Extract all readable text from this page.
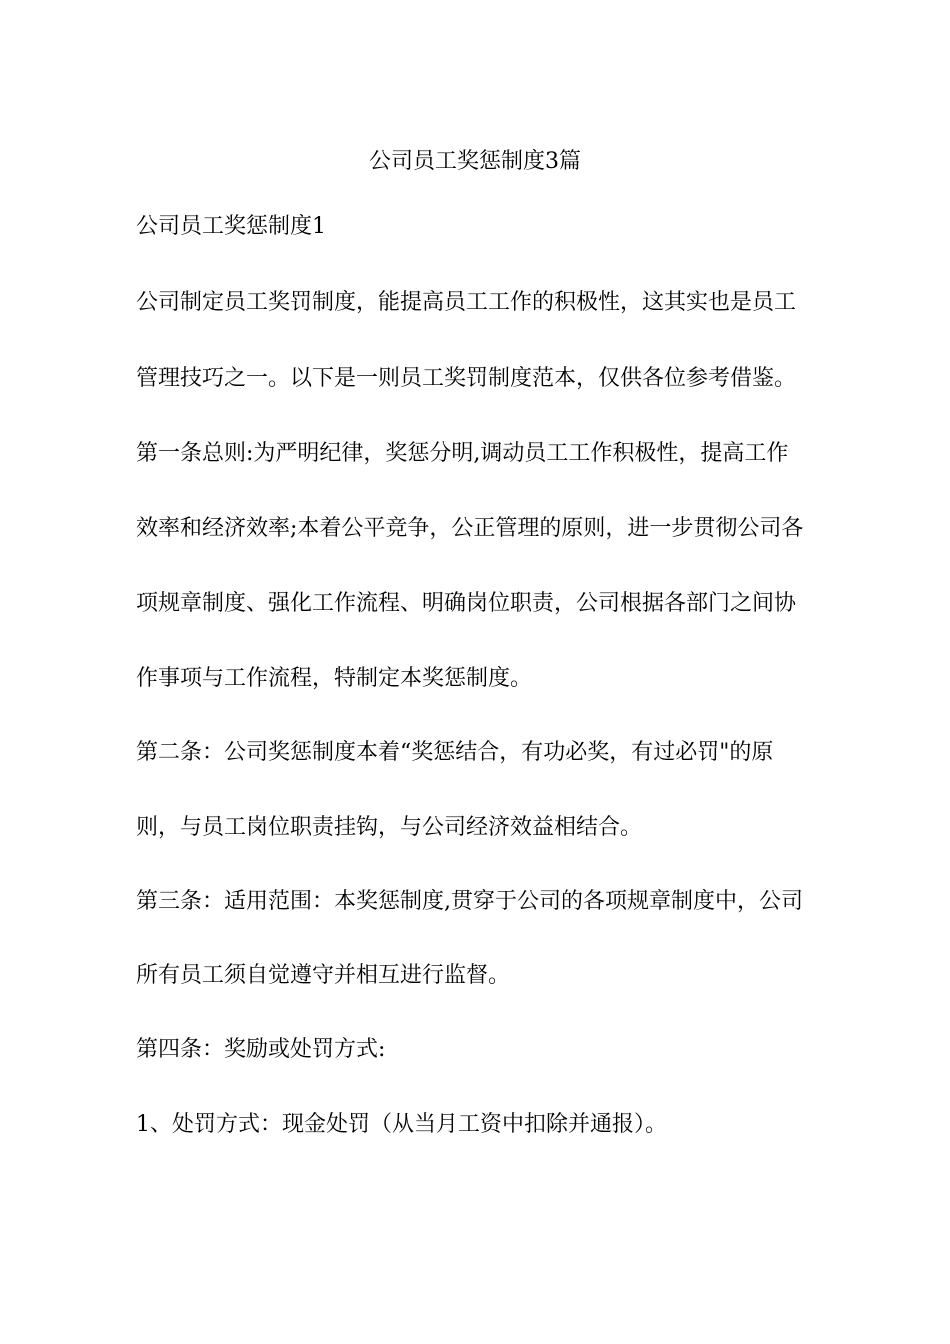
公司员工奖惩制度3篇
公司员工奖惩制度1
公司制定员工奖罚制度，能提高员工工作的积极性，这其实也是员工
管理技巧之一。以下是一则员工奖罚制度范本，仅供各位参考借鉴。
第一条总则:为严明纪律，奖惩分明,调动员工工作积极性，提高工作
效率和经济效率;本着公平竞争，公正管理的原则，进一步贯彻公司各
项规章制度、强化工作流程、明确岗位职责，公司根据各部门之间协
作事项与工作流程，特制定本奖惩制度。
第二条：公司奖惩制度本着“奖惩结合，有功必奖，有过必罚"的原
则，与员工岗位职责挂钩，与公司经济效益相结合。
第三条：适用范围：本奖惩制度,贯穿于公司的各项规章制度中，公司
所有员工须自觉遵守并相互进行监督。
第四条：奖励或处罚方式:
1、处罚方式：现金处罚（从当月工资中扣除并通报）。
